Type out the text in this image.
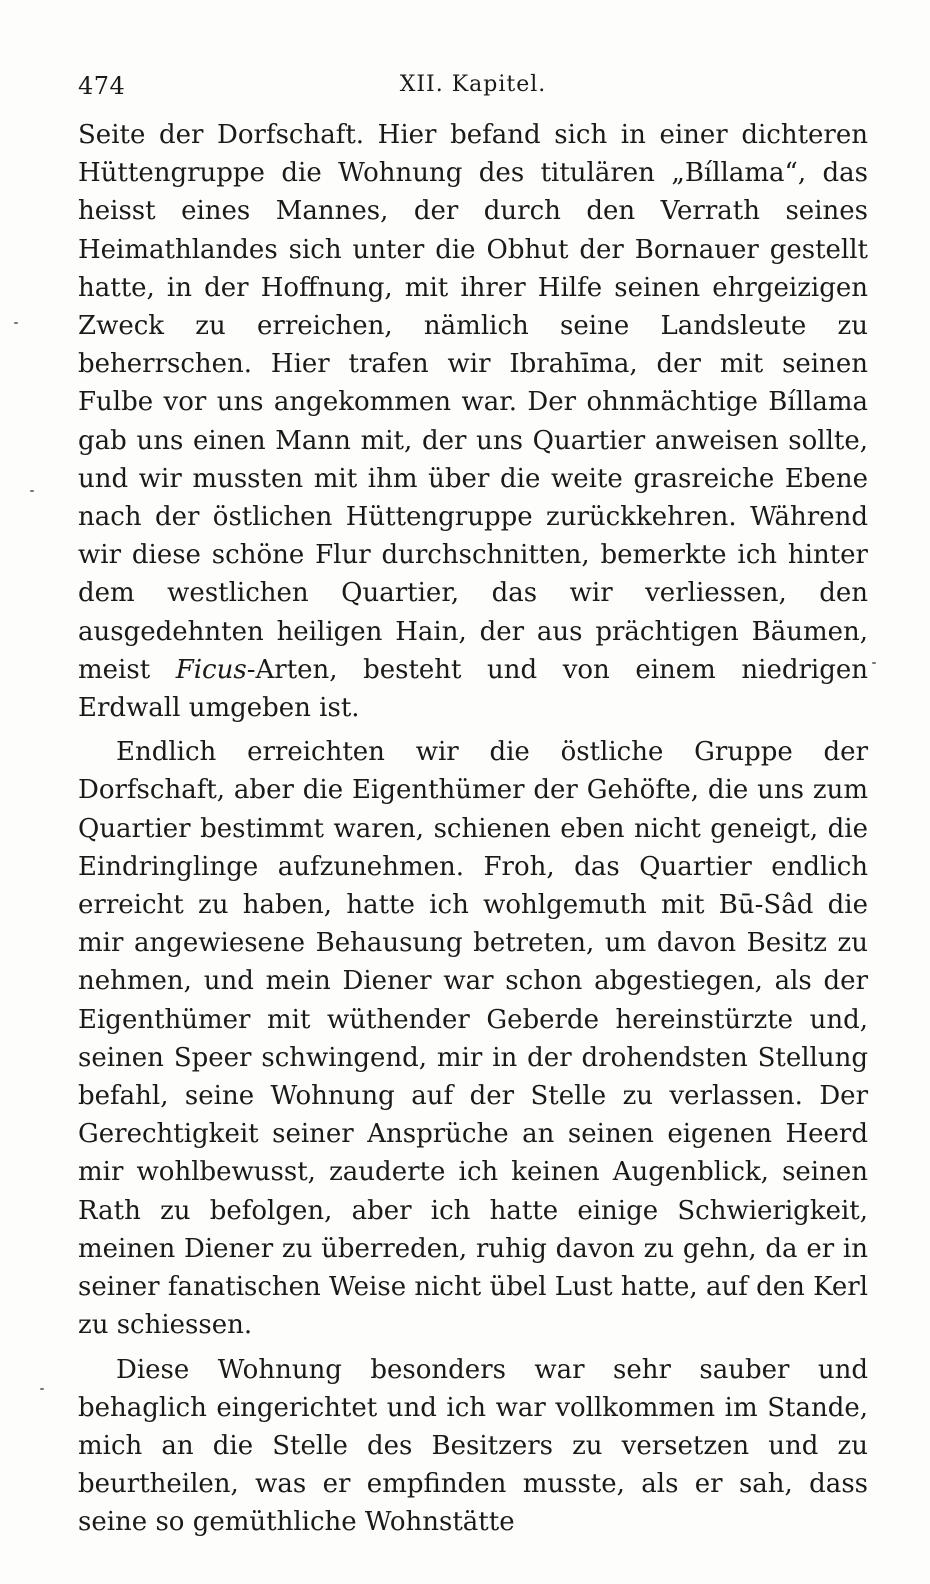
474	XII. Kapitel.

Seite der Dorfschaft. Hier befand sich in einer dichteren Hüttengruppe die Wohnung des titulären „Bíllama“, das heisst eines Mannes, der durch den Verrath seines Heimathlandes sich unter die Obhut der Bornauer gestellt hatte, in der Hoffnung, mit ihrer Hilfe seinen ehrgeizigen Zweck zu erreichen, nämlich seine Landsleute zu beherrschen. Hier trafen wir Ibrahīma, der mit seinen Fulbe vor uns angekommen war. Der ohnmächtige Bíllama gab uns einen Mann mit, der uns Quartier anweisen sollte, und wir mussten mit ihm über die weite grasreiche Ebene nach der östlichen Hüttengruppe zurückkehren. Während wir diese schöne Flur durchschnitten, bemerkte ich hinter dem westlichen Quartier, das wir verliessen, den ausgedehnten heiligen Hain, der aus prächtigen Bäumen, meist Ficus-Arten, besteht und von einem niedrigen Erdwall umgeben ist.

Endlich erreichten wir die östliche Gruppe der Dorfschaft, aber die Eigenthümer der Gehöfte, die uns zum Quartier bestimmt waren, schienen eben nicht geneigt, die Eindringlinge aufzunehmen. Froh, das Quartier endlich erreicht zu haben, hatte ich wohlgemuth mit Bū-Sâd die mir angewiesene Behausung betreten, um davon Besitz zu nehmen, und mein Diener war schon abgestiegen, als der Eigenthümer mit wüthender Geberde hereinstürzte und, seinen Speer schwingend, mir in der drohendsten Stellung befahl, seine Wohnung auf der Stelle zu verlassen. Der Gerechtigkeit seiner Ansprüche an seinen eigenen Heerd mir wohlbewusst, zauderte ich keinen Augenblick, seinen Rath zu befolgen, aber ich hatte einige Schwierigkeit, meinen Diener zu überreden, ruhig davon zu gehn, da er in seiner fanatischen Weise nicht übel Lust hatte, auf den Kerl zu schiessen.

Diese Wohnung besonders war sehr sauber und behaglich eingerichtet und ich war vollkommen im Stande, mich an die Stelle des Besitzers zu versetzen und zu beurtheilen, was er empfinden musste, als er sah, dass seine so gemüthliche Wohnstätte
